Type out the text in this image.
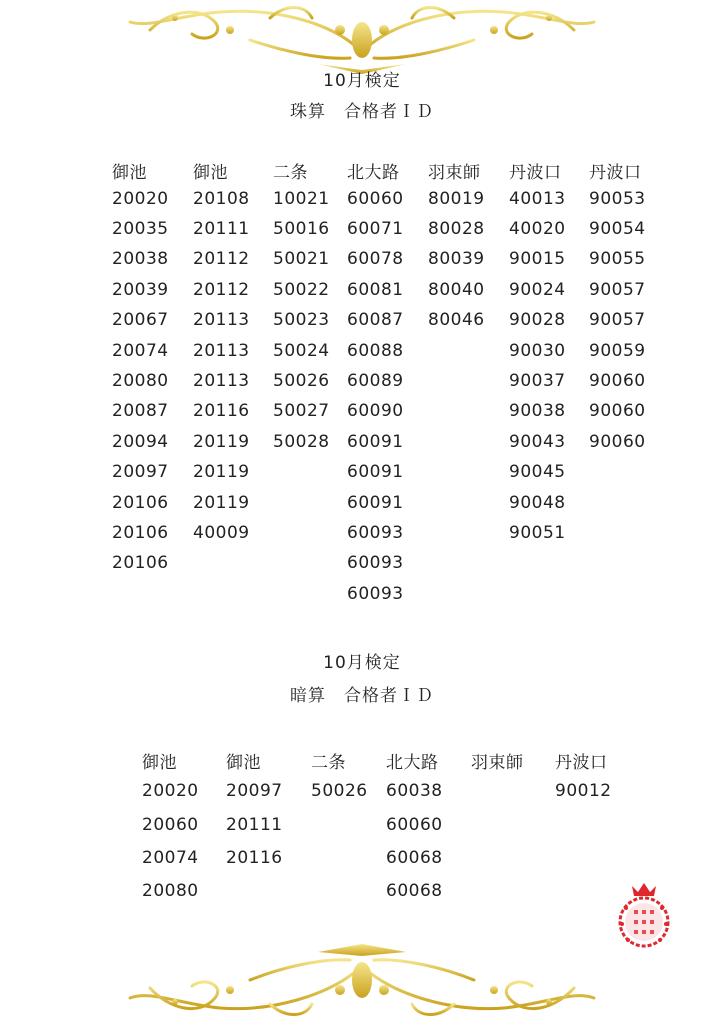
10月検定
珠算　合格者ＩＤ
御池
20020
20035
20038
20039
20067
20074
20080
20087
20094
20097
20106
20106
20106
御池
20108
20111
20112
20112
20113
20113
20113
20116
20119
20119
20119
40009
二条
10021
50016
50021
50022
50023
50024
50026
50027
50028
北大路
60060
60071
60078
60081
60087
60088
60089
60090
60091
60091
60091
60093
60093
60093
羽束師
80019
80028
80039
80040
80046
丹波口
40013
40020
90015
90024
90028
90030
90037
90038
90043
90045
90048
90051
丹波口
90053
90054
90055
90057
90057
90059
90060
90060
90060
10月検定
暗算　合格者ＩＤ
御池
20020
20060
20074
20080
御池
20097
20111
20116
二条
50026
北大路
60038
60060
60068
60068
羽束師 丹波口
90012
